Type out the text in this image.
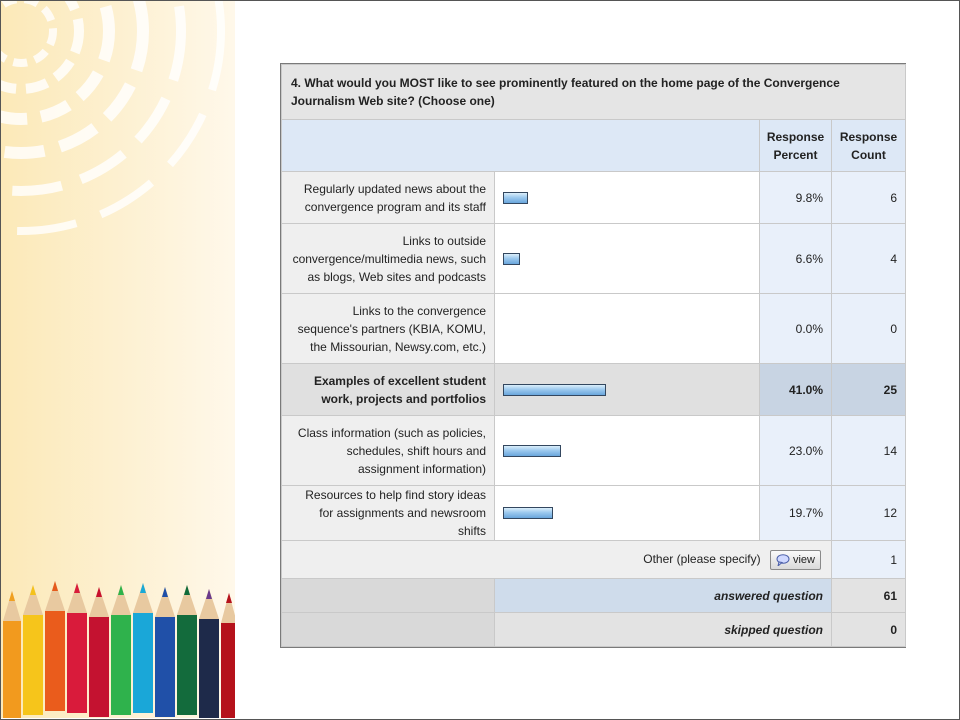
4. What would you MOST like to see prominently featured on the home page of the Convergence Journalism Web site? (Choose one)			
		Response Percent	Response Count
Regularly updated news about the convergence program and its staff		9.8%	6
Links to outside convergence/multimedia news, such as blogs, Web sites and podcasts		6.6%	4
Links to the convergence sequence's partners (KBIA, KOMU, the Missourian, Newsy.com, etc.)		0.0%	0
Examples of excellent student work, projects and portfolios		41.0%	25
Class information (such as policies, schedules, shift hours and assignment information)		23.0%	14
Resources to help find story ideas for assignments and newsroom shifts		19.7%	12
Other (please specify) view			1
	answered question		61
	skipped question		0
